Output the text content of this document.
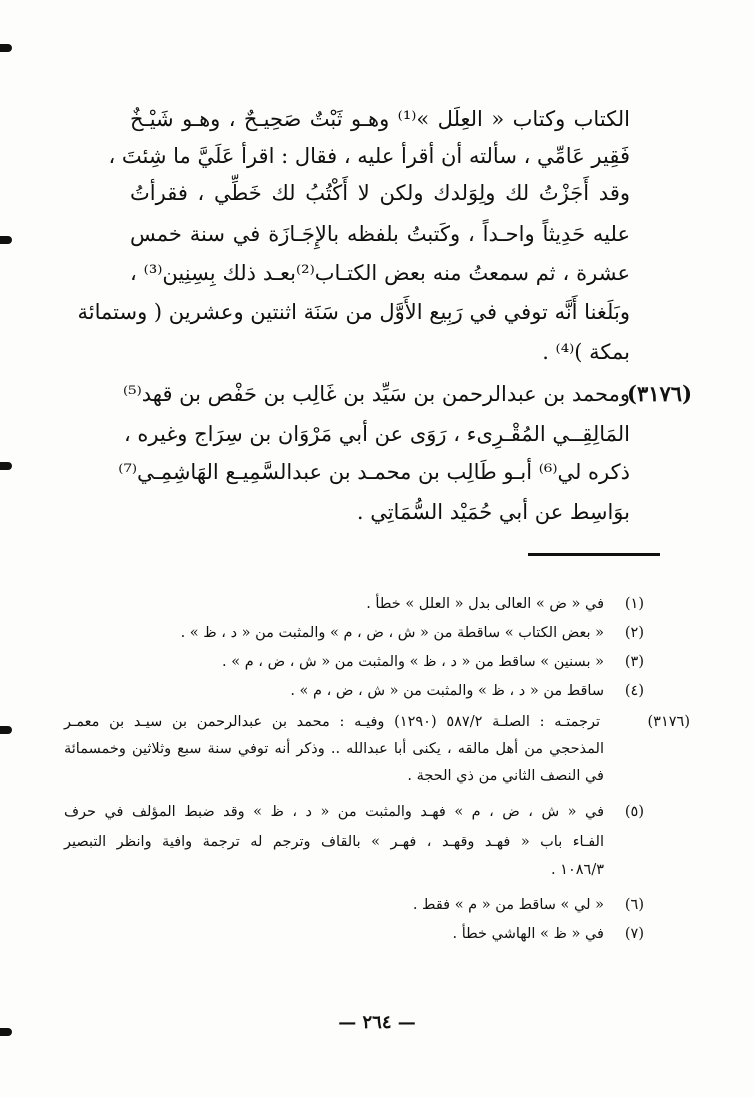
الكتاب وكتاب « العِلَل »⁽¹⁾ وهـو ثَبْتٌ صَحِيـحٌ ، وهـو شَيْـخٌ
فَقِير عَامِّي ، سألته أن أقرأ عليه ، فقال : اقرأ عَلَيَّ ما شِئتَ ،
وقد أَجَزْتُ لك ولِوَلدك ولكن لا أَكْتُبُ لك خَطِّي ، فقرأتُ
عليه حَدِيثاً واحـداً ، وكَتبتُ بلفظه بالإِجَـازَة في سنة خمس
عشرة ، ثم سمعتُ منه بعض الكتـاب⁽²⁾بعـد ذلك بِسِنِين⁽³⁾ ،
وبَلَغنا أَنَّه توفي في رَبِيع الأَوَّل من سَنَة اثنتين وعشرين ( وستمائة
بمكة )⁽⁴⁾ .
(٣١٧٦)
ومحمد بن عبدالرحمن بن سَيِّد بن غَالِب بن حَفْص بن قهد⁽⁵⁾
المَالِقِــي المُقْـرِىء ، رَوَى عن أبي مَرْوَان بن سِرَاج وغيره ،
ذكره لي⁽⁶⁾ أبـو طَالِب بن محمـد بن عبدالسَّمِيـع الهَاشِمِـي⁽⁷⁾
بوَاسِط عن أبي حُمَيْد السُّمَاتِي .
(١)
في « ض » العالى بدل « العلل » خطأ .
(٢)
« بعض الكتاب » ساقطة من « ش ، ض ، م » والمثبت من « د ، ظ » .
(٣)
« بسنين » ساقط من « د ، ظ » والمثبت من « ش ، ض ، م » .
(٤)
ساقط من « د ، ظ » والمثبت من « ش ، ض ، م » .
(٣١٧٦)
ترجمتـه : الصلـة ٥٨٧/٢ (١٢٩٠) وفيـه : محمد بن عبدالرحمن بن سيـد بن معمـر
المذحجي من أهل مالقه ، يكنى أبا عبدالله .. وذكر أنه توفي سنة سبع وثلاثين وخمسمائة
في النصف الثاني من ذي الحجة .
(٥)
في « ش ، ض ، م » فهـد والمثبت من « د ، ظ » وقد ضبط المؤلف في حرف
الفـاء باب « فهـد وقهـد ، فهـر » بالقاف وترجم له ترجمة وافية وانظر التبصير
١٠٨٦/٣ .
(٦)
« لي » ساقط من « م » فقط .
(٧)
في « ظ » الهاشي خطأ .
— ٢٦٤ —
